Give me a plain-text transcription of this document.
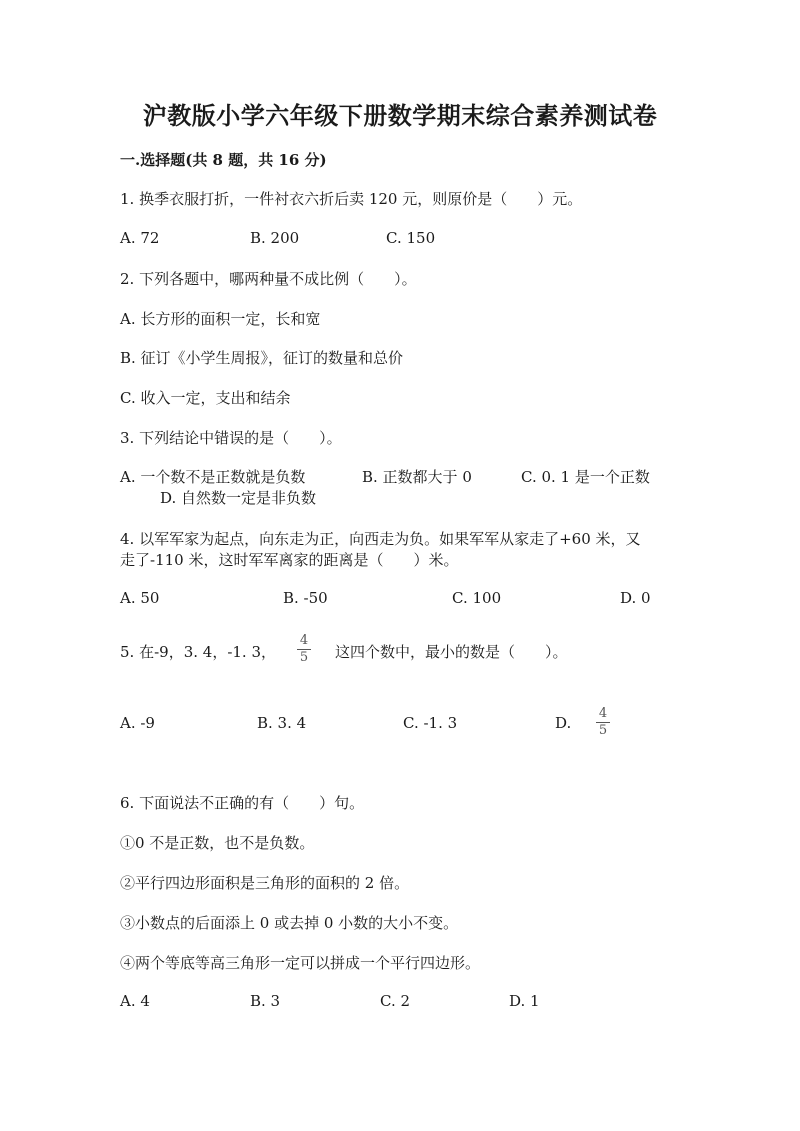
沪教版小学六年级下册数学期末综合素养测试卷
一.选择题(共 8 题，共 16 分)
1. 换季衣服打折，一件衬衣六折后卖 120 元，则原价是（　　）元。
A. 72	B. 200	C. 150
2. 下列各题中，哪两种量不成比例（　　）。
A. 长方形的面积一定，长和宽
B. 征订《小学生周报》，征订的数量和总价
C. 收入一定，支出和结余
3. 下列结论中错误的是（　　）。
A. 一个数不是正数就是负数	B. 正数都大于 0	C. 0. 1 是一个正数
D. 自然数一定是非负数
4. 以军军家为起点，向东走为正，向西走为负。如果军军从家走了+60 米，又
走了-110 米，这时军军离家的距离是（　　）米。
A. 50	B. -50	C. 100	D. 0
5. 在-9，3. 4，-1. 3，
4
5 这四个数中，最小的数是（　　）。
A. -9	B. 3. 4	C. -1. 3	D.
4
5
6. 下面说法不正确的有（　　）句。
①0 不是正数，也不是负数。
②平行四边形面积是三角形的面积的 2 倍。
③小数点的后面添上 0 或去掉 0 小数的大小不变。
④两个等底等高三角形一定可以拼成一个平行四边形。
A. 4	B. 3	C. 2	D. 1
